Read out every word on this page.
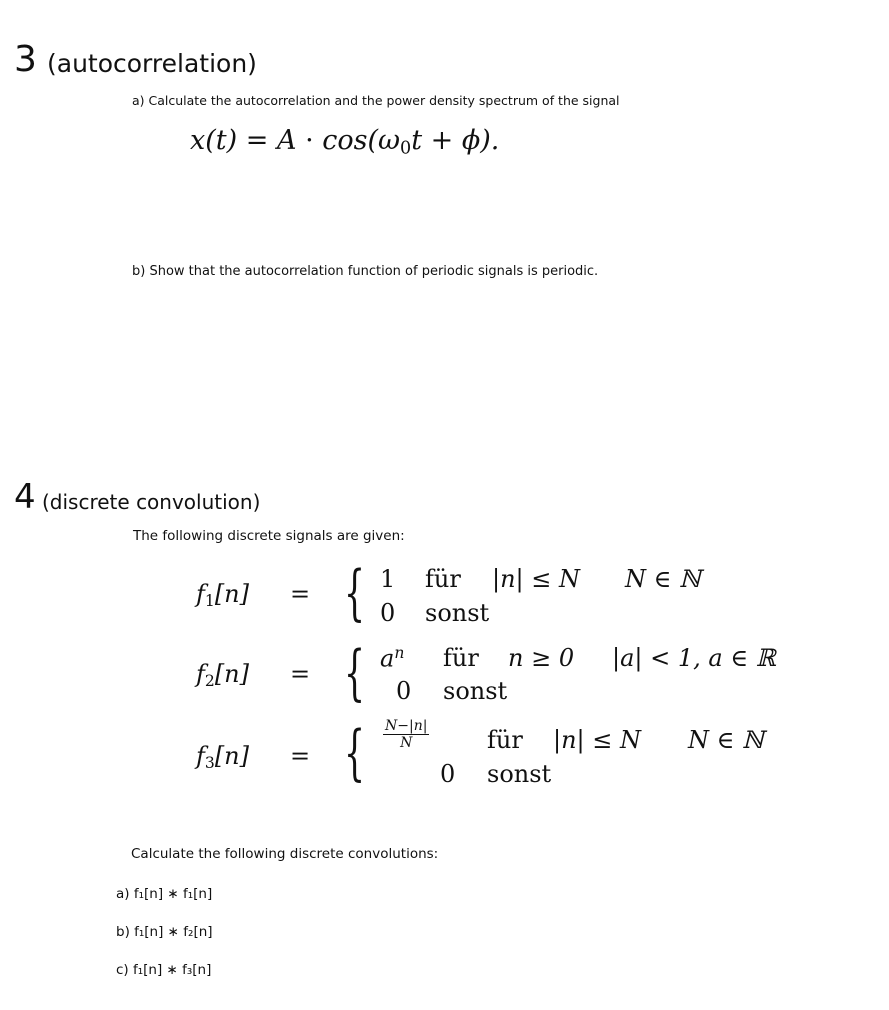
3 (autocorrelation)
a) Calculate the autocorrelation and the power density spectrum of the signal
$x(t) = A \cdot \cos(\omega_0t + \phi)$.
b) Show that the autocorrelation function of periodic signals is periodic.
4 (discrete convolution)
The following discrete signals are given:
$f_1[n]$ = { 1 für |n| ≤ N N ∈ ℕ
0 sonst
$f_2[n]$ = { $a^n$ für n ≥ 0 |a| < 1, a ∈ ℝ
0 sonst
$f_3[n]$ = { $\frac{N-|n|}{N}$ für |n| ≤ N N ∈ ℕ
0 sonst
Calculate the following discrete convolutions:
a) f₁[n] ∗ f₁[n]
b) f₁[n] ∗ f₂[n]
c) f₁[n] ∗ f₃[n]
